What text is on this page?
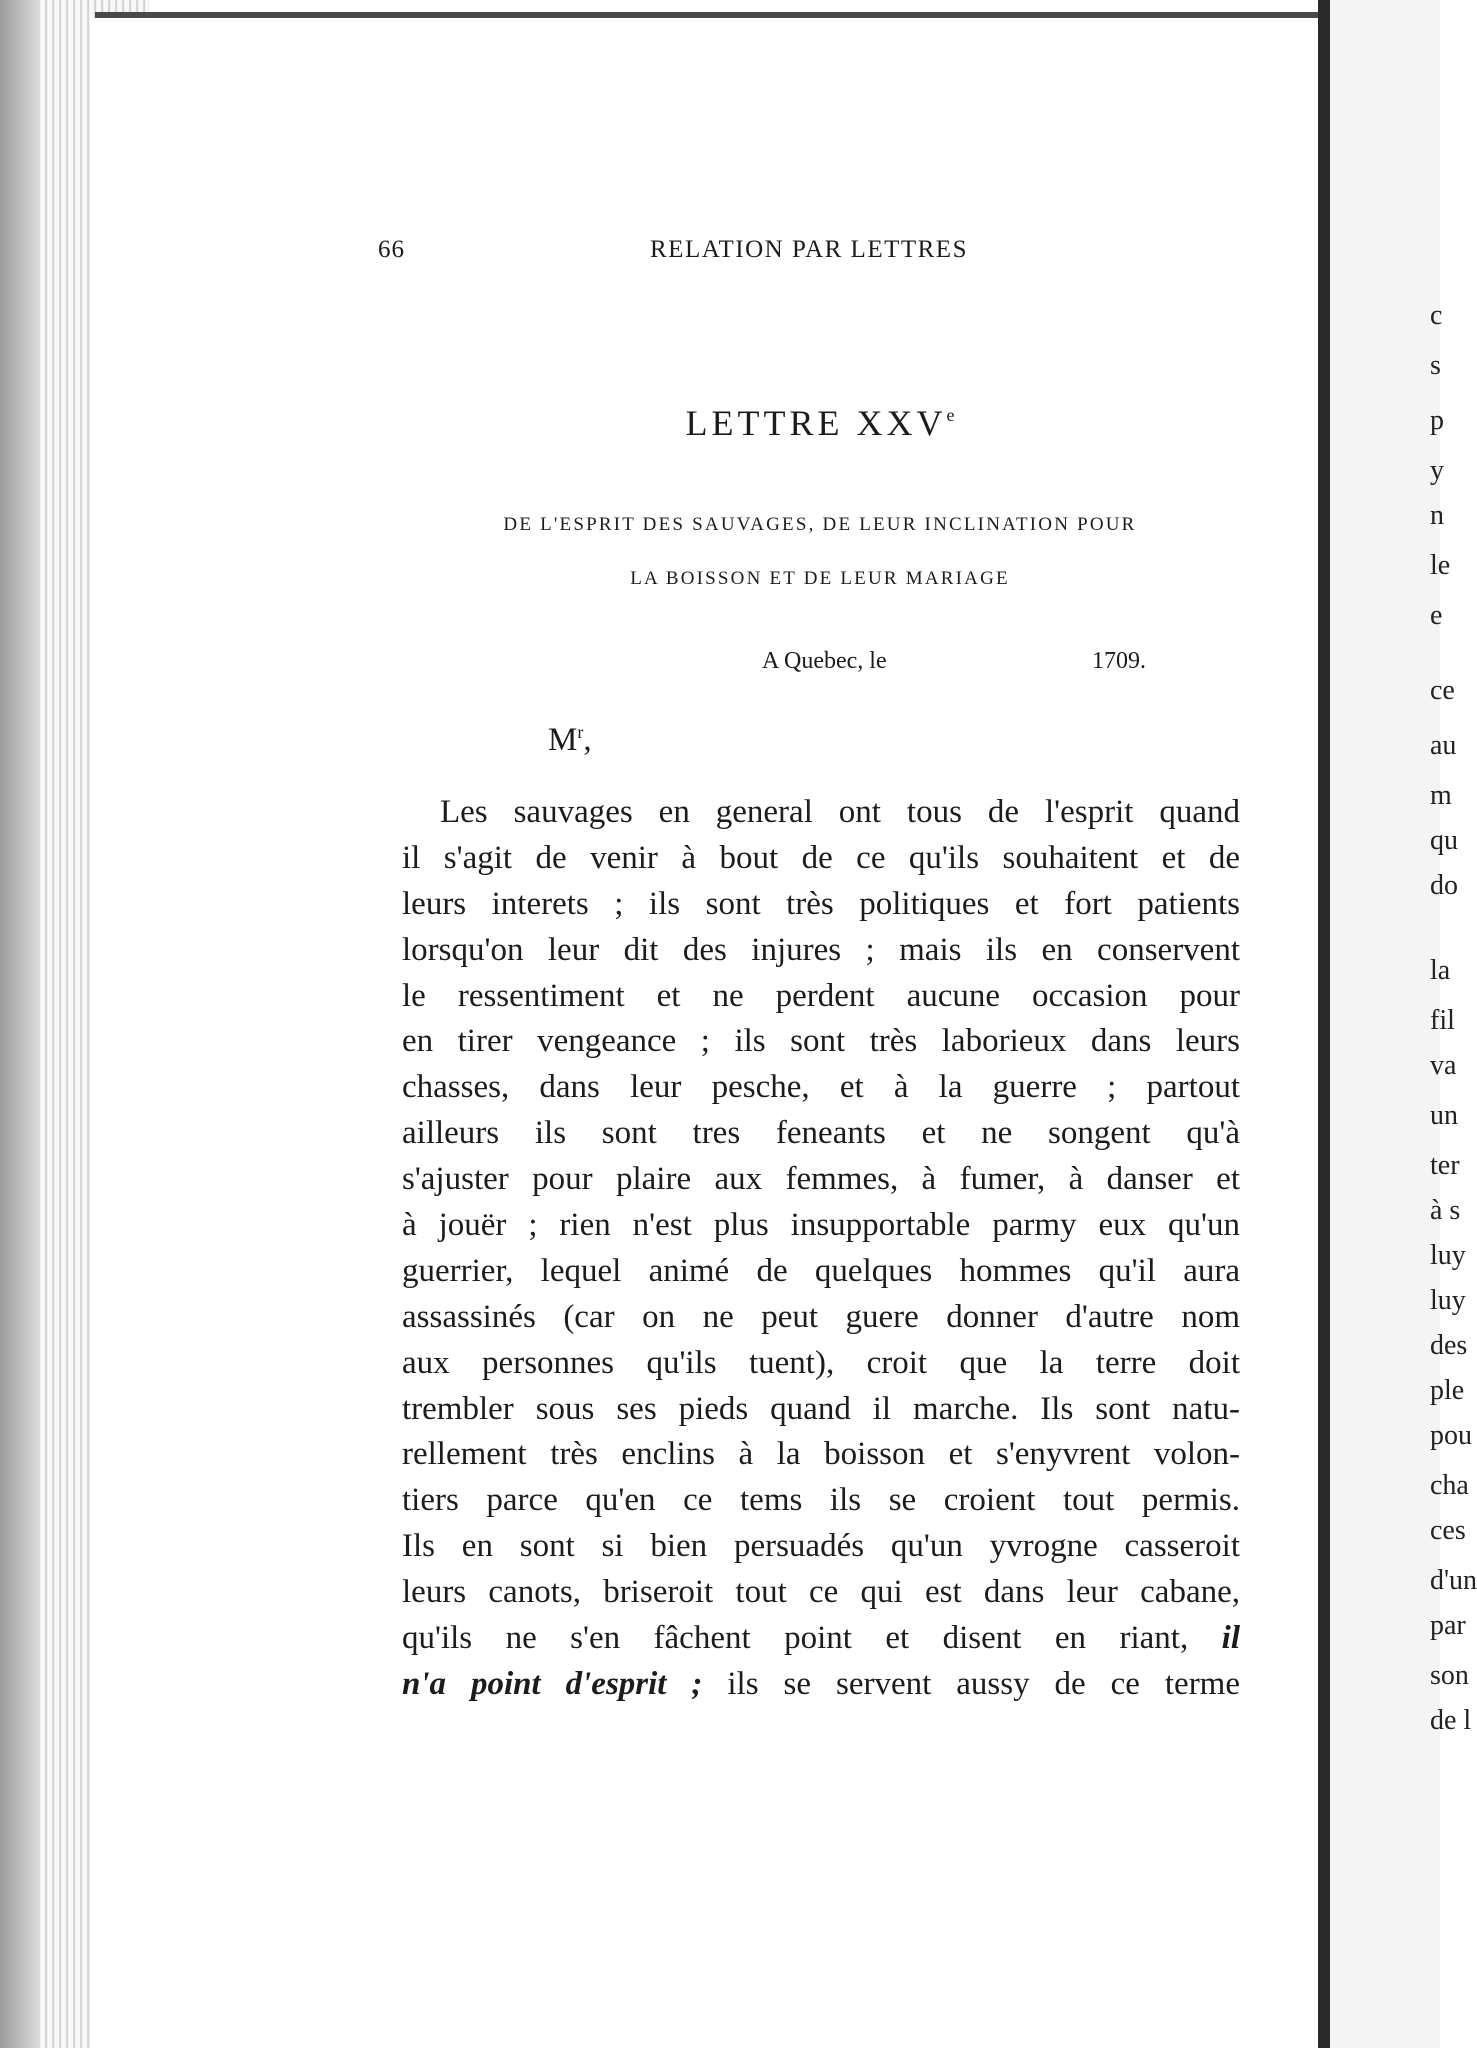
c
s
p
y
n
le
e
ce
au
m
qu
do
la
fil
va
un
ter
à s
luy
luy
des
ple
pou
cha
ces
d'un
par
son
de l
66	RELATION PAR LETTRES
LETTRE XXVe
DE L'ESPRIT DES SAUVAGES, DE LEUR INCLINATION POUR
LA BOISSON ET DE LEUR MARIAGE
A Quebec, le	1709.
$M^r$,
Les sauvages en general ont tous de l'esprit quand
il s'agit de venir à bout de ce qu'ils souhaitent et de
leurs interets ; ils sont très politiques et fort patients
lorsqu'on leur dit des injures ; mais ils en conservent
le ressentiment et ne perdent aucune occasion pour
en tirer vengeance ; ils sont très laborieux dans leurs
chasses, dans leur pesche, et à la guerre ; partout
ailleurs ils sont tres feneants et ne songent qu'à
s'ajuster pour plaire aux femmes, à fumer, à danser et
à jouër ; rien n'est plus insupportable parmy eux qu'un
guerrier, lequel animé de quelques hommes qu'il aura
assassinés (car on ne peut guere donner d'autre nom
aux personnes qu'ils tuent), croit que la terre doit
trembler sous ses pieds quand il marche. Ils sont natu-
rellement très enclins à la boisson et s'enyvrent volon-
tiers parce qu'en ce tems ils se croient tout permis.
Ils en sont si bien persuadés qu'un yvrogne casseroit
leurs canots, briseroit tout ce qui est dans leur cabane,
qu'ils ne s'en fâchent point et disent en riant, il
n'a point d'esprit ; ils se servent aussy de ce terme
